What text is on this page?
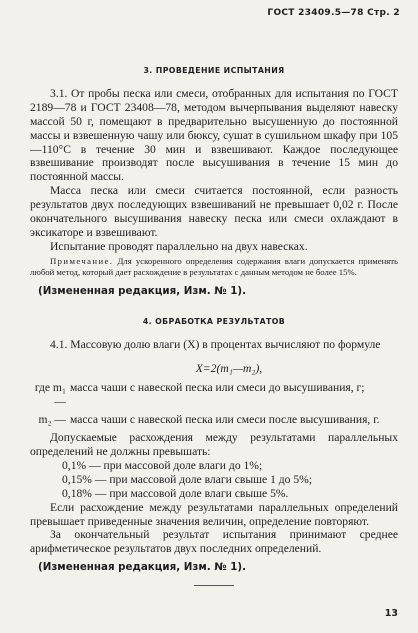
ГОСТ 23409.5—78 Стр. 2
3. ПРОВЕДЕНИЕ ИСПЫТАНИЯ

3.1. От пробы песка или смеси, отобранных для испытания по ГОСТ 2189—78 и ГОСТ 23408—78, методом вычерпывания выделяют навеску массой 50 г, помещают в предварительно высушенную до постоянной массы и взвешенную чашу или бюксу, сушат в сушильном шкафу при 105—110°C в течение 30 мин и взвешивают. Каждое последующее взвешивание производят после высушивания в течение 15 мин до постоянной массы.

Масса песка или смеси считается постоянной, если разность результатов двух последующих взвешиваний не превышает 0,02 г. После окончательного высушивания навеску песка или смеси охлаждают в эксикаторе и взвешивают.

Испытание проводят параллельно на двух навесках.

Примечание. Для ускоренного определения содержания влаги допускается применять любой метод, который дает расхождение в результатах с данным методом не более 15%.
(Измененная редакция, Изм. № 1).
4. ОБРАБОТКА РЕЗУЛЬТАТОВ

4.1. Массовую долю влаги (X) в процентах вычисляют по формуле

X=2(m₁—m₂),
где m₁ —
масса чаши с навеской песка или смеси до высушивания, г;
m₂ — масса чаши с навеской песка или смеси после высушивания, г.

Допускаемые расхождения между результатами параллельных определений не должны превышать:

0,1% — при массовой доле влаги до 1%;
0,15% — при массовой доле влаги свыше 1 до 5%;
0,18% — при массовой доле влаги свыше 5%.

Если расхождение между результатами параллельных определений превышает приведенные значения величин, определение повторяют.

За окончательный результат испытания принимают среднее арифметическое результатов двух последних определений.

(Измененная редакция, Изм. № 1).
13
